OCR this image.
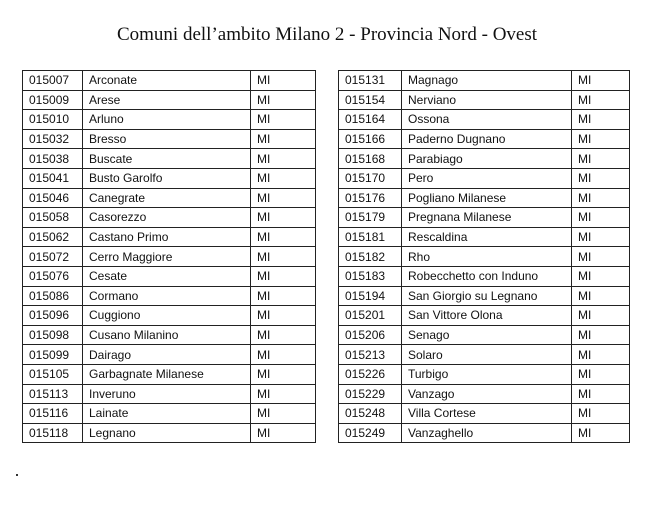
Comuni dell’ambito Milano 2 - Provincia Nord - Ovest
015007	Arconate	MI
015009	Arese	MI
015010	Arluno	MI
015032	Bresso	MI
015038	Buscate	MI
015041	Busto Garolfo	MI
015046	Canegrate	MI
015058	Casorezzo	MI
015062	Castano Primo	MI
015072	Cerro Maggiore	MI
015076	Cesate	MI
015086	Cormano	MI
015096	Cuggiono	MI
015098	Cusano Milanino	MI
015099	Dairago	MI
015105	Garbagnate Milanese	MI
015113	Inveruno	MI
015116	Lainate	MI
015118	Legnano	MI
015131	Magnago	MI
015154	Nerviano	MI
015164	Ossona	MI
015166	Paderno Dugnano	MI
015168	Parabiago	MI
015170	Pero	MI
015176	Pogliano Milanese	MI
015179	Pregnana Milanese	MI
015181	Rescaldina	MI
015182	Rho	MI
015183	Robecchetto con Induno	MI
015194	San Giorgio su Legnano	MI
015201	San Vittore Olona	MI
015206	Senago	MI
015213	Solaro	MI
015226	Turbigo	MI
015229	Vanzago	MI
015248	Villa Cortese	MI
015249	Vanzaghello	MI
